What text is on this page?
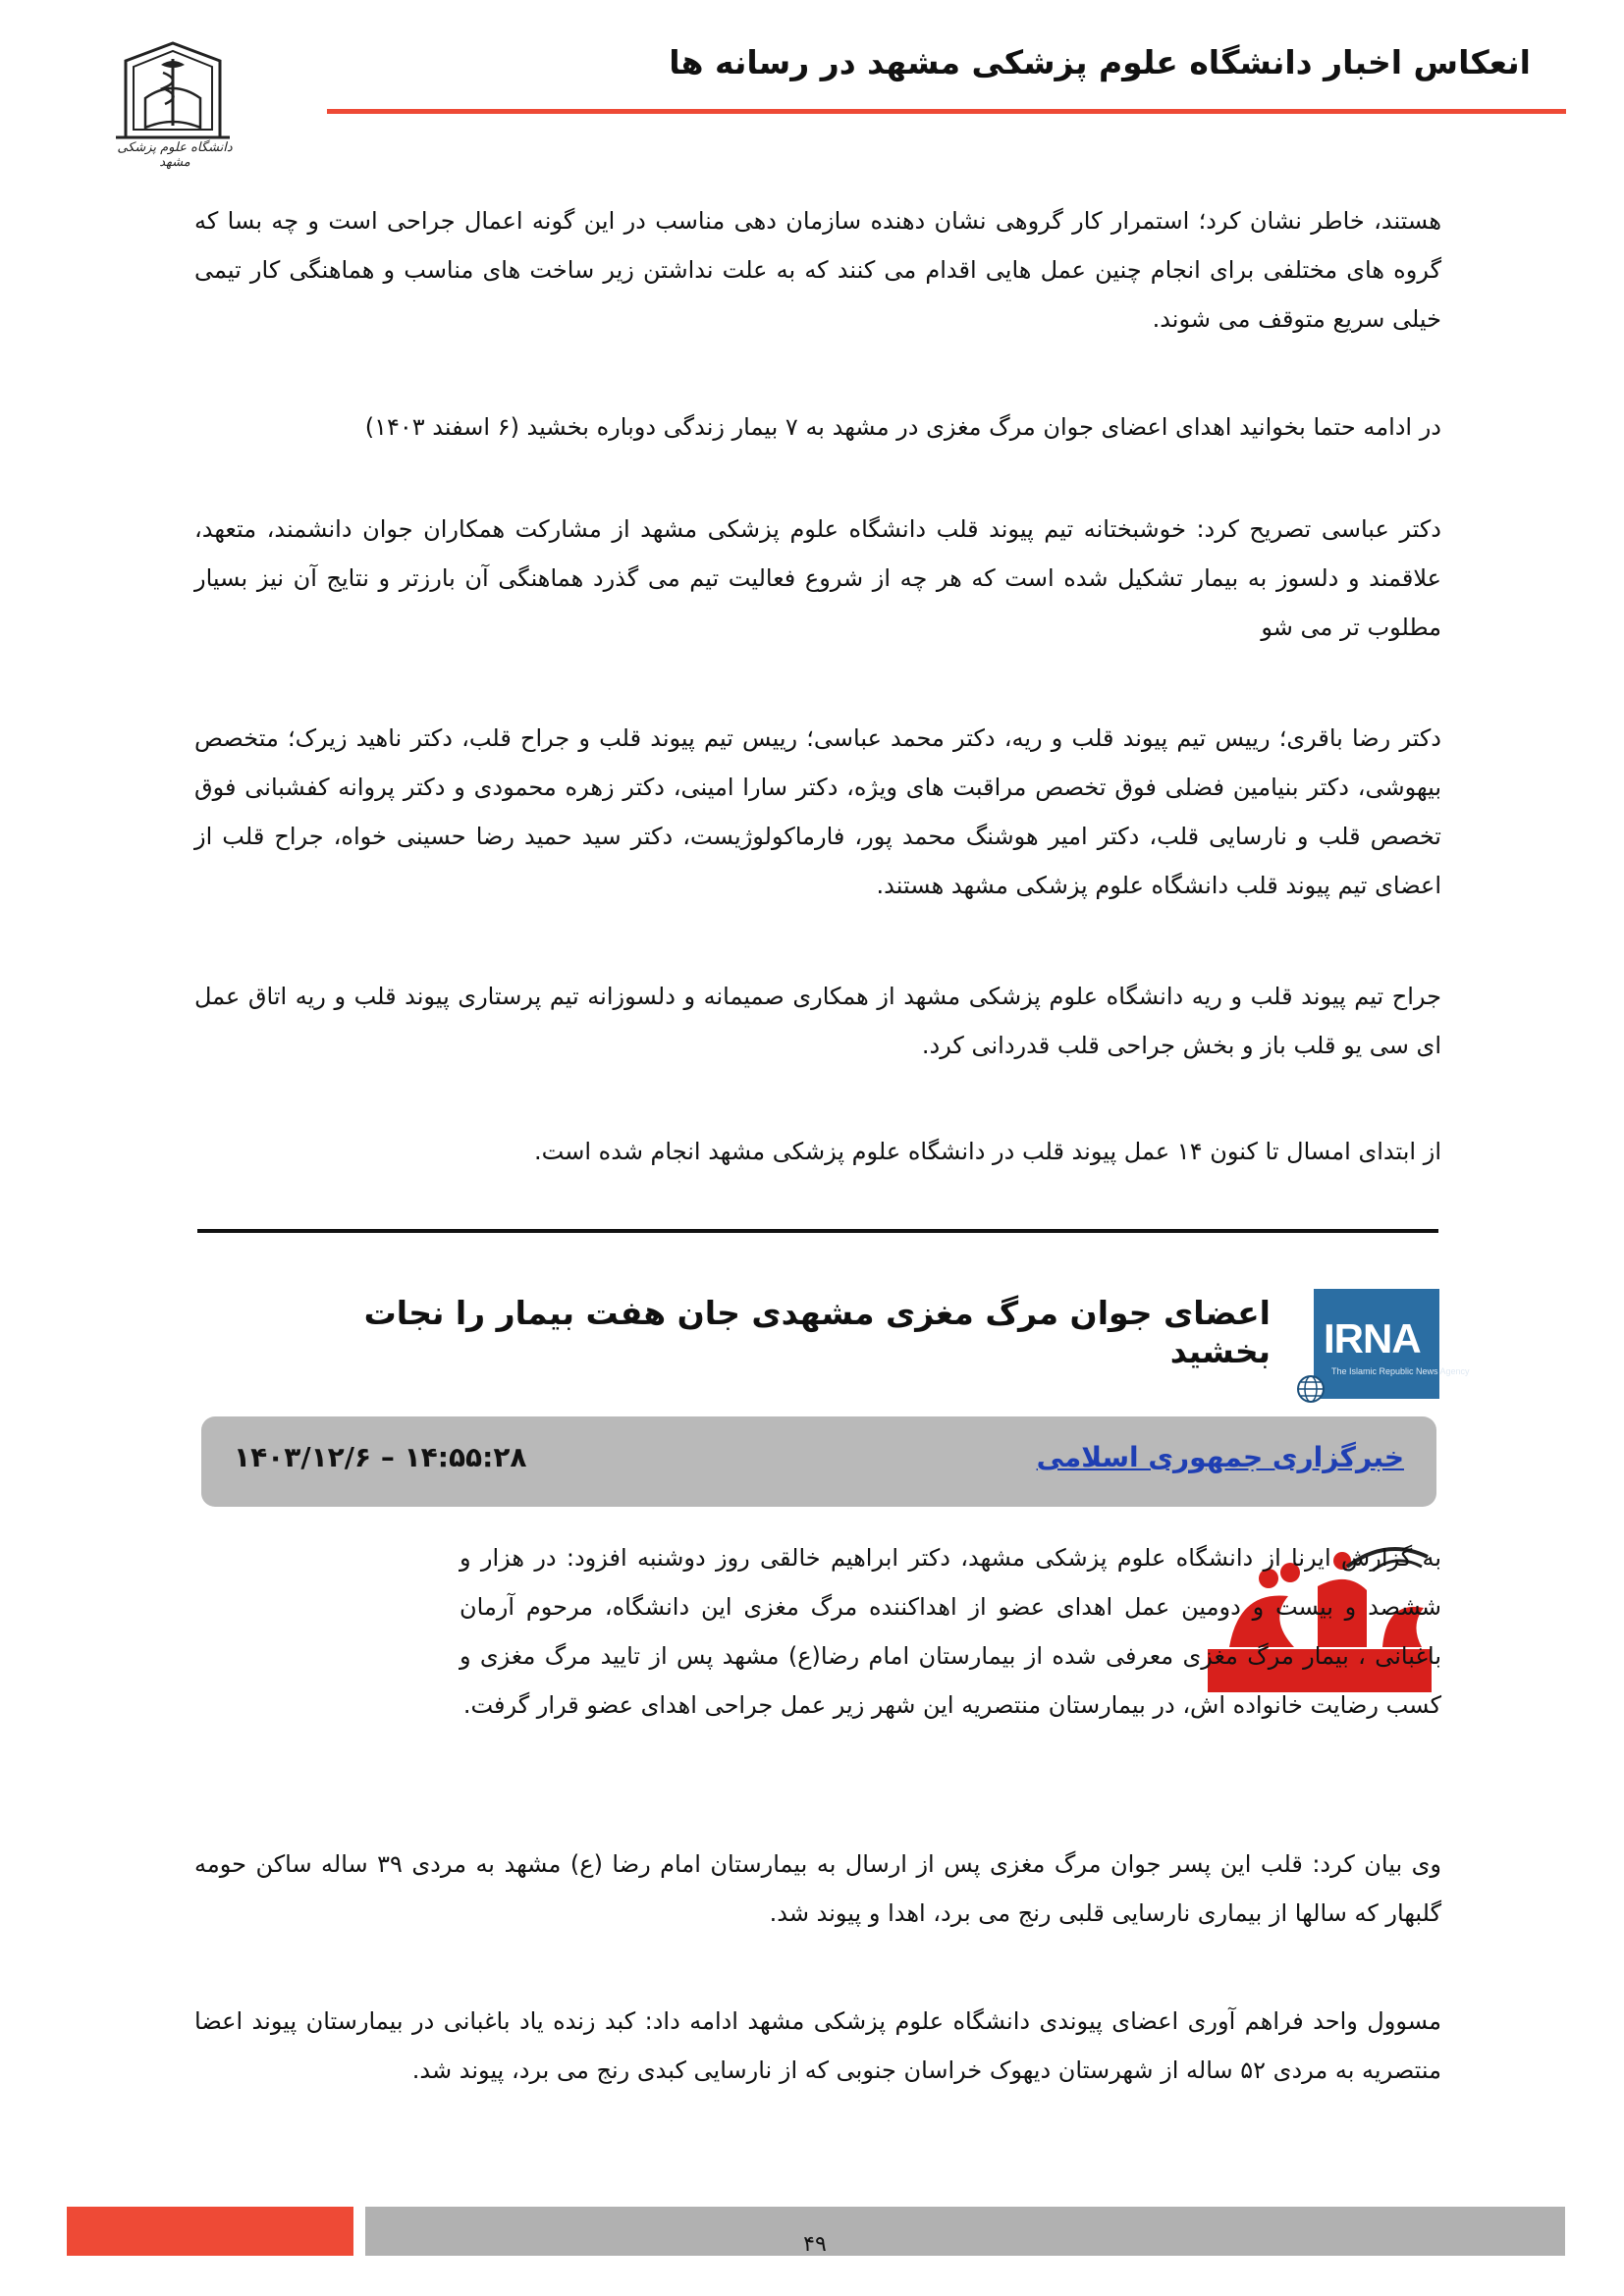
انعکاس اخبار دانشگاه علوم پزشکی مشهد در رسانه ها
دانشگاه علوم پزشکی مشهد

هستند، خاطر نشان کرد؛ استمرار کار گروهی نشان دهنده سازمان دهی مناسب در این گونه اعمال جراحی است و چه بسا که گروه های مختلفی برای انجام چنین عمل هایی اقدام می کنند که به علت نداشتن زیر ساخت های مناسب و هماهنگی کار تیمی خیلی سریع متوقف می شوند.

در ادامه حتما بخوانید اهدای اعضای جوان مرگ مغزی در مشهد به ۷ بیمار زندگی دوباره بخشید (۶ اسفند ۱۴۰۳)

دکتر عباسی تصریح کرد: خوشبختانه تیم پیوند قلب دانشگاه علوم پزشکی مشهد از مشارکت همکاران جوان دانشمند، متعهد، علاقمند و دلسوز به بیمار تشکیل شده است که هر چه از شروع فعالیت تیم می گذرد هماهنگی آن بارزتر و نتایج آن نیز بسیار مطلوب تر می شو

دکتر رضا باقری؛ رییس تیم پیوند قلب و ریه، دکتر محمد عباسی؛ رییس تیم پیوند قلب و جراح قلب، دکتر ناهید زیرک؛ متخصص بیهوشی، دکتر بنیامین فضلی فوق تخصص مراقبت های ویژه، دکتر سارا امینی، دکتر زهره محمودی و دکتر پروانه کفشبانی فوق تخصص قلب و نارسایی قلب، دکتر امیر هوشنگ محمد پور، فارماکولوژیست، دکتر سید حمید رضا حسینی خواه، جراح قلب از اعضای تیم پیوند قلب دانشگاه علوم پزشکی مشهد هستند.

جراح تیم پیوند قلب و ریه دانشگاه علوم پزشکی مشهد از همکاری صمیمانه و دلسوزانه تیم پرستاری پیوند قلب و ریه اتاق عمل ای سی یو قلب باز و بخش جراحی قلب قدردانی کرد.

از ابتدای امسال تا کنون ۱۴ عمل پیوند قلب در دانشگاه علوم پزشکی مشهد انجام شده است.

IRNA
The Islamic Republic News Agency
اعضای جوان مرگ مغزی مشهدی جان هفت بیمار را نجات بخشید
خبرگزاری جمهوری اسلامی
۱۴۰۳/۱۲/۶ – ۱۴:۵۵:۲۸

به گزارش ایرنا از دانشگاه علوم پزشکی مشهد، دکتر ابراهیم خالقی روز دوشنبه افزود: در هزار و ششصد و بیست و دومین عمل اهدای عضو از اهداکننده مرگ مغزی این دانشگاه، مرحوم آرمان باغبانی ، بیمار مرگ مغزی معرفی شده از بیمارستان امام رضا(ع) مشهد پس از تایید مرگ مغزی و کسب رضایت خانواده اش، در بیمارستان منتصریه این شهر زیر عمل جراحی اهدای عضو قرار گرفت.

وی بیان کرد: قلب این پسر جوان مرگ مغزی پس از ارسال به بیمارستان امام رضا (ع) مشهد به مردی ۳۹ ساله ساکن حومه گلبهار که سالها از بیماری نارسایی قلبی رنج می برد، اهدا و پیوند شد.

مسوول واحد فراهم آوری اعضای پیوندی دانشگاه علوم پزشکی مشهد ادامه داد: کبد زنده یاد باغبانی در بیمارستان پیوند اعضا منتصریه به مردی ۵۲ ساله از شهرستان دیهوک خراسان جنوبی که از نارسایی کبدی رنج می برد، پیوند شد.

۴۹
